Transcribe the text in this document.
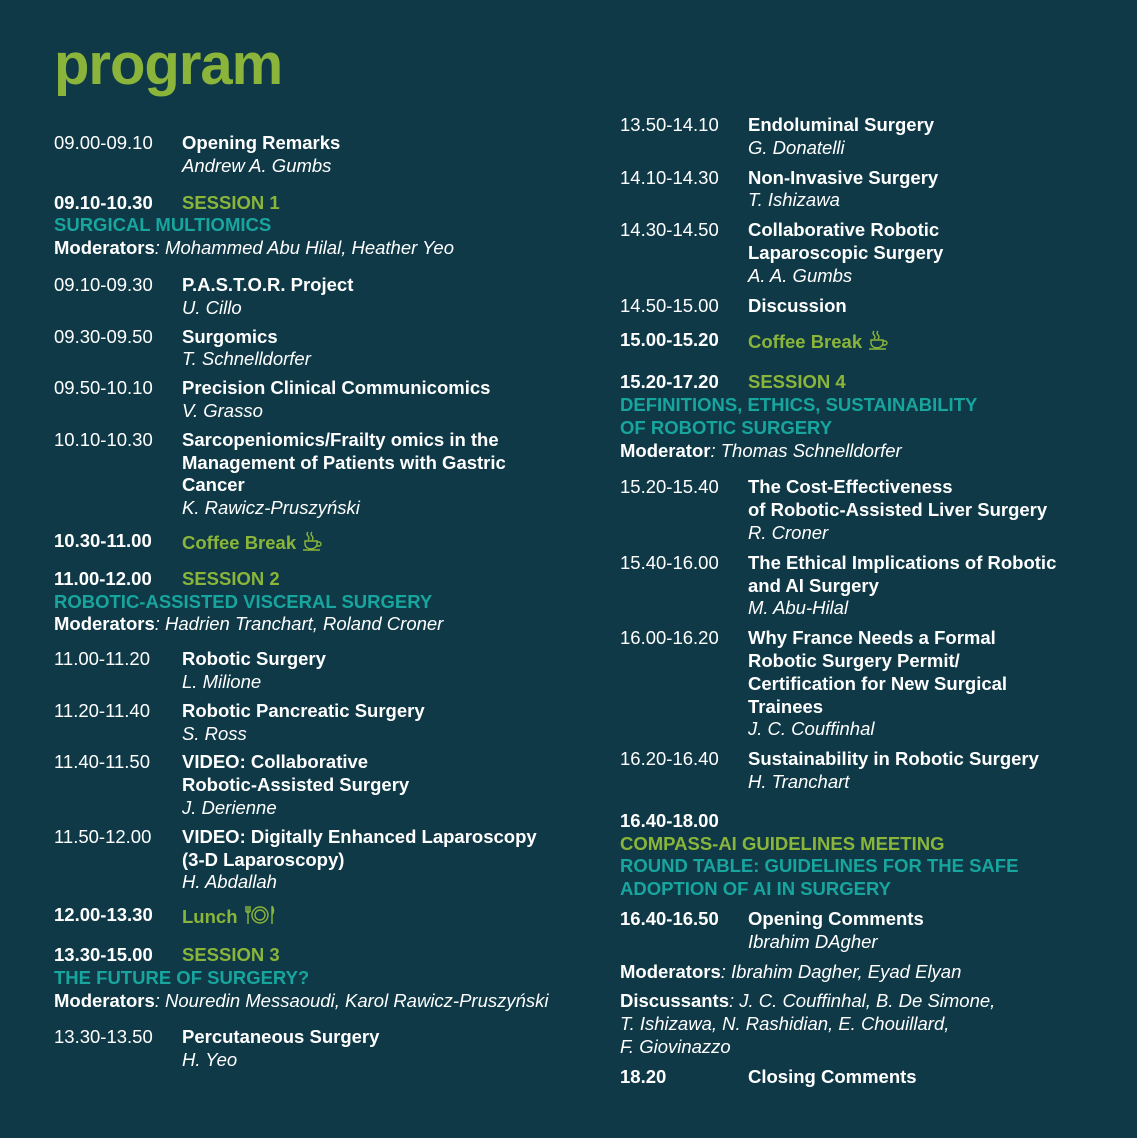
program
09.00-09.10	Opening Remarks
Andrew A. Gumbs
09.10-10.30	SESSION 1
SURGICAL MULTIOMICS
Moderators: Mohammed Abu Hilal, Heather Yeo
09.10-09.30	P.A.S.T.O.R. Project
U. Cillo
09.30-09.50	Surgomics
T. Schnelldorfer
09.50-10.10	Precision Clinical Communicomics
V. Grasso
10.10-10.30	Sarcopeniomics/Frailty omics in the
Management of Patients with Gastric
Cancer
K. Rawicz-Pruszyński
10.30-11.00	Coffee Break
11.00-12.00	SESSION 2
ROBOTIC-ASSISTED VISCERAL SURGERY
Moderators: Hadrien Tranchart, Roland Croner
11.00-11.20	Robotic Surgery
L. Milione
11.20-11.40	Robotic Pancreatic Surgery
S. Ross
11.40-11.50	VIDEO: Collaborative
Robotic-Assisted Surgery
J. Derienne
11.50-12.00	VIDEO: Digitally Enhanced Laparoscopy
(3-D Laparoscopy)
H. Abdallah
12.00-13.30	Lunch
13.30-15.00	SESSION 3
THE FUTURE OF SURGERY?
Moderators: Nouredin Messaoudi, Karol Rawicz-Pruszyński
13.30-13.50	Percutaneous Surgery
H. Yeo
13.50-14.10	Endoluminal Surgery
G. Donatelli
14.10-14.30	Non-Invasive Surgery
T. Ishizawa
14.30-14.50	Collaborative Robotic
Laparoscopic Surgery
A. A. Gumbs
14.50-15.00	Discussion
15.00-15.20	Coffee Break
15.20-17.20	SESSION 4
DEFINITIONS, ETHICS, SUSTAINABILITY
OF ROBOTIC SURGERY
Moderator: Thomas Schnelldorfer
15.20-15.40	The Cost-Effectiveness
of Robotic-Assisted Liver Surgery
R. Croner
15.40-16.00	The Ethical Implications of Robotic
and AI Surgery
M. Abu-Hilal
16.00-16.20	Why France Needs a Formal
Robotic Surgery Permit/
Certification for New Surgical
Trainees
J. C. Couffinhal
16.20-16.40	Sustainability in Robotic Surgery
H. Tranchart
16.40-18.00
COMPASS-AI GUIDELINES MEETING
ROUND TABLE: GUIDELINES FOR THE SAFE
ADOPTION OF AI IN SURGERY
16.40-16.50	Opening Comments
Ibrahim DAgher
Moderators: Ibrahim Dagher, Eyad Elyan
Discussants: J. C. Couffinhal, B. De Simone,
T. Ishizawa, N. Rashidian, E. Chouillard,
F. Giovinazzo
18.20	Closing Comments
